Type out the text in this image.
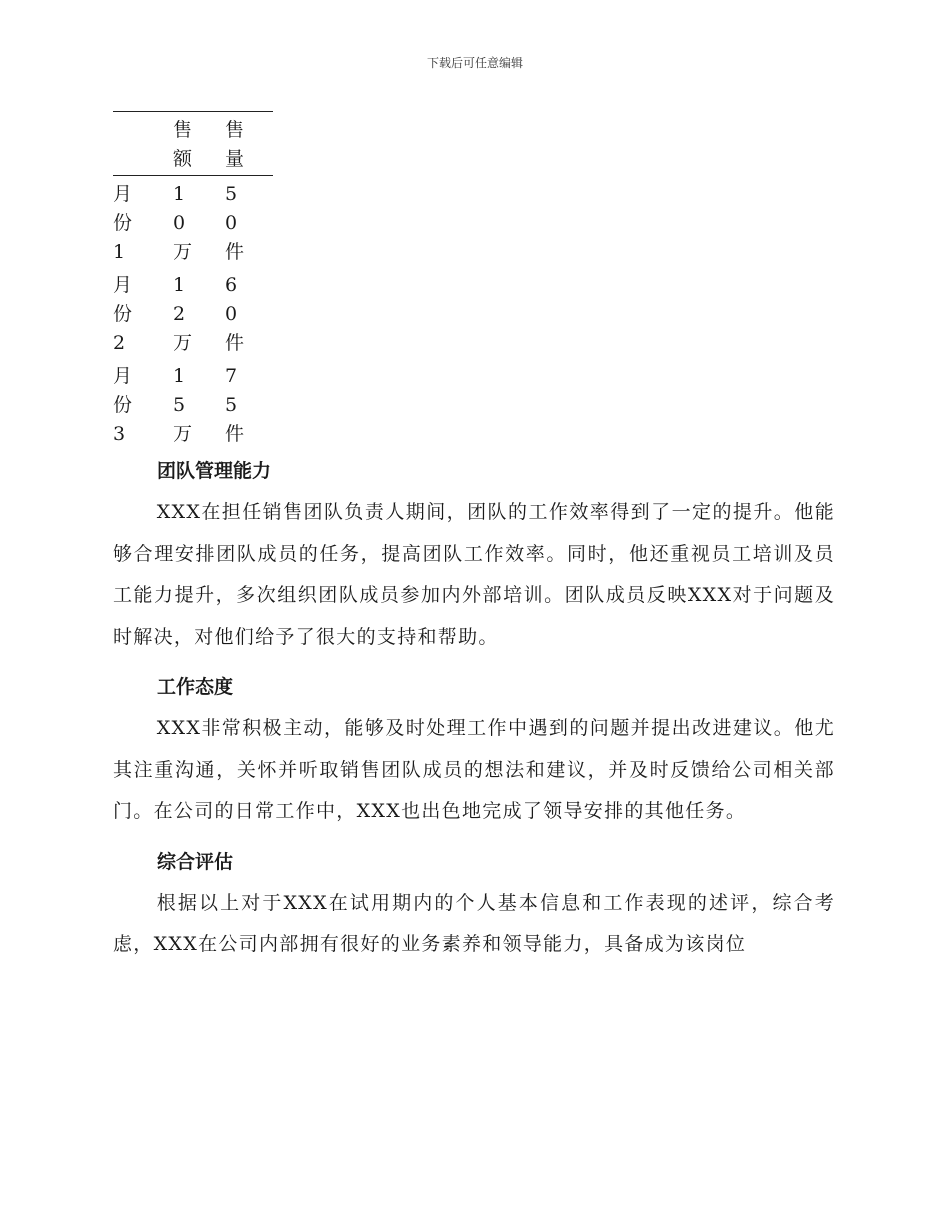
下载后可任意编辑

	售额	售量

月份1	10万	50件

月份2	12万	60件

月份3	15万	75件
团队管理能力

XXX在担任销售团队负责人期间，团队的工作效率得到了一定的提升。他能够合理安排团队成员的任务，提高团队工作效率。同时，他还重视员工培训及员工能力提升，多次组织团队成员参加内外部培训。团队成员反映XXX对于问题及时解决，对他们给予了很大的支持和帮助。

工作态度

XXX非常积极主动，能够及时处理工作中遇到的问题并提出改进建议。他尤其注重沟通，关怀并听取销售团队成员的想法和建议，并及时反馈给公司相关部门。在公司的日常工作中，XXX也出色地完成了领导安排的其他任务。

综合评估

根据以上对于XXX在试用期内的个人基本信息和工作表现的述评，综合考虑，XXX在公司内部拥有很好的业务素养和领导能力，具备成为该岗位
